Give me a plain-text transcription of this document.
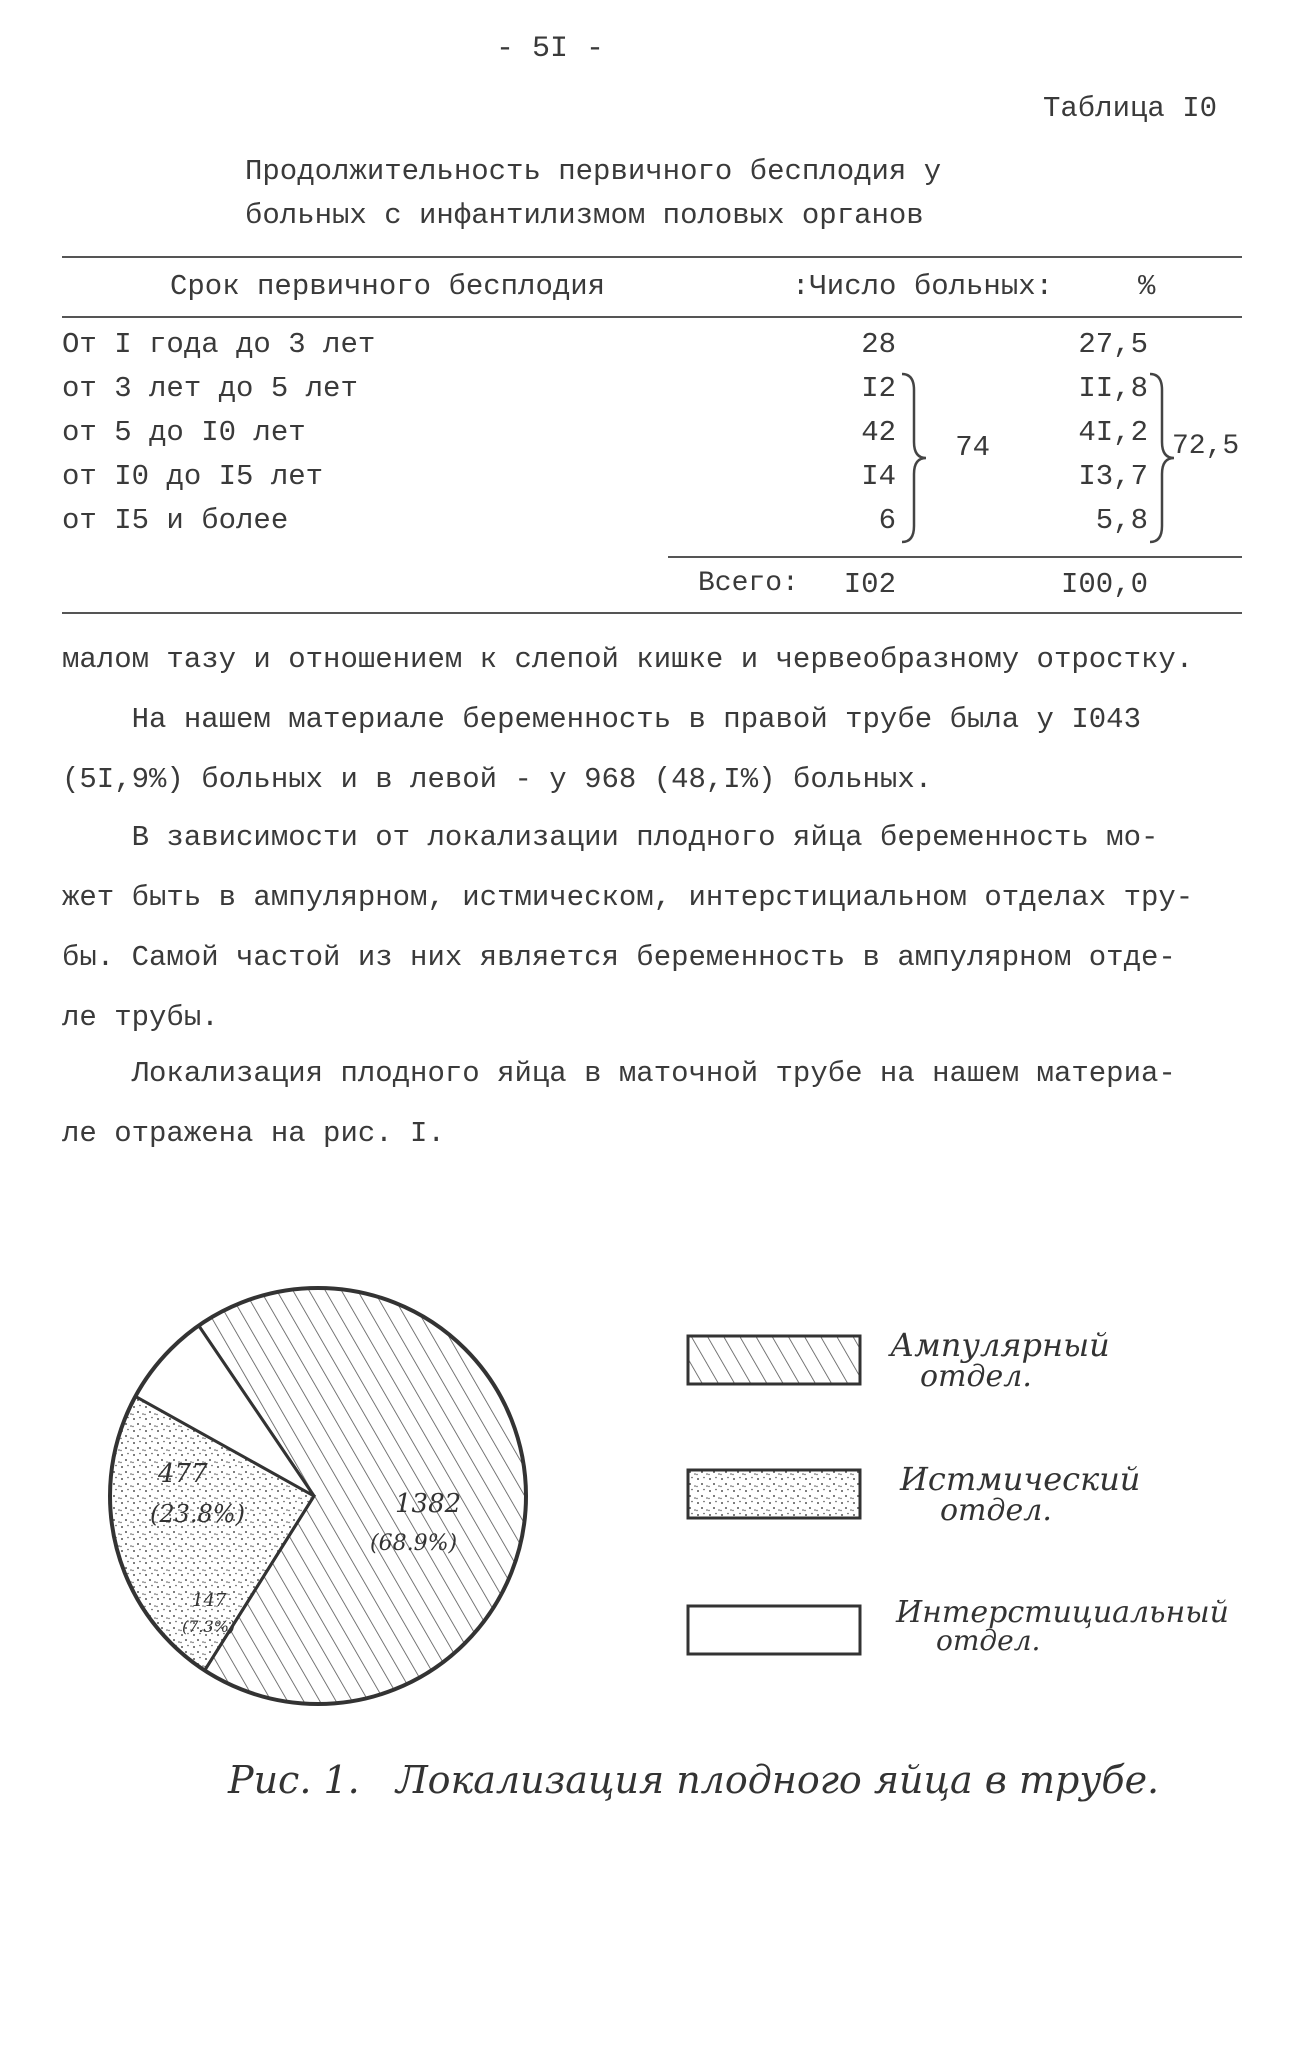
- 5I -
Таблица I0
Продолжительность первичного бесплодия у
больных с инфантилизмом половых органов
Срок первичного бесплодия	:Число больных:	%
От I года до 3 лет	28	27,5
от 3 лет до 5 лет	I2	II,8
от 5 до I0 лет	42	4I,2
от I0 до I5 лет	I4	I3,7
от I5 и более	6	5,8
74	72,5
Всего:	I02	I00,0
малом тазу и отношением к слепой кишке и червеобразному отростку.
На нашем материале беременность в правой трубе была у I043
(5I,9%) больных и в левой - у 968 (48,I%) больных.
В зависимости от локализации плодного яйца беременность мо-
жет быть в ампулярном, истмическом, интерстициальном отделах тру-
бы. Самой частой из них является беременность в ампулярном отде-
ле трубы.
Локализация плодного яйца в маточной трубе на нашем материа-
ле отражена на рис. I.
1382
(68.9%)
477
(23.8%)
147
(7.3%)
Ампулярный
отдел.
Истмический
отдел.
Интерстициальный
отдел.
Рис. 1.   Локализация плодного яйца в трубе.
